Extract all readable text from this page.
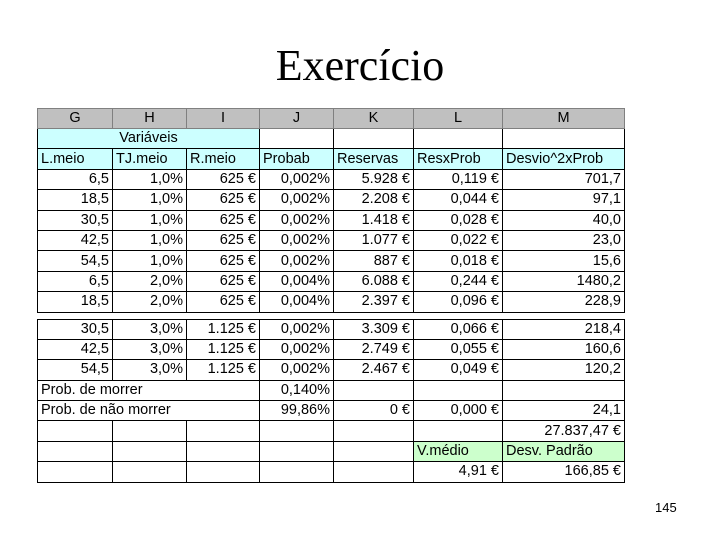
Exercício
G	H	I	J	K	L	M
Variáveis						
L.meio	TJ.meio	R.meio	Probab	Reservas	ResxProb	Desvio^2xProb
6,5	1,0%	625 €	0,002%	5.928 €	0,119 €	701,7
18,5	1,0%	625 €	0,002%	2.208 €	0,044 €	97,1
30,5	1,0%	625 €	0,002%	1.418 €	0,028 €	40,0
42,5	1,0%	625 €	0,002%	1.077 €	0,022 €	23,0
54,5	1,0%	625 €	0,002%	887 €	0,018 €	15,6
6,5	2,0%	625 €	0,004%	6.088 €	0,244 €	1480,2
18,5	2,0%	625 €	0,004%	2.397 €	0,096 €	228,9

30,5	3,0%	1.125 €	0,002%	3.309 €	0,066 €	218,4
42,5	3,0%	1.125 €	0,002%	2.749 €	0,055 €	160,6
54,5	3,0%	1.125 €	0,002%	2.467 €	0,049 €	120,2
Prob. de morrer			0,140%			
Prob. de não morrer			99,86%	0 €	0,000 €	24,1
						27.837,47 €
					V.médio	Desv. Padrão
					4,91 €	166,85 €
145
